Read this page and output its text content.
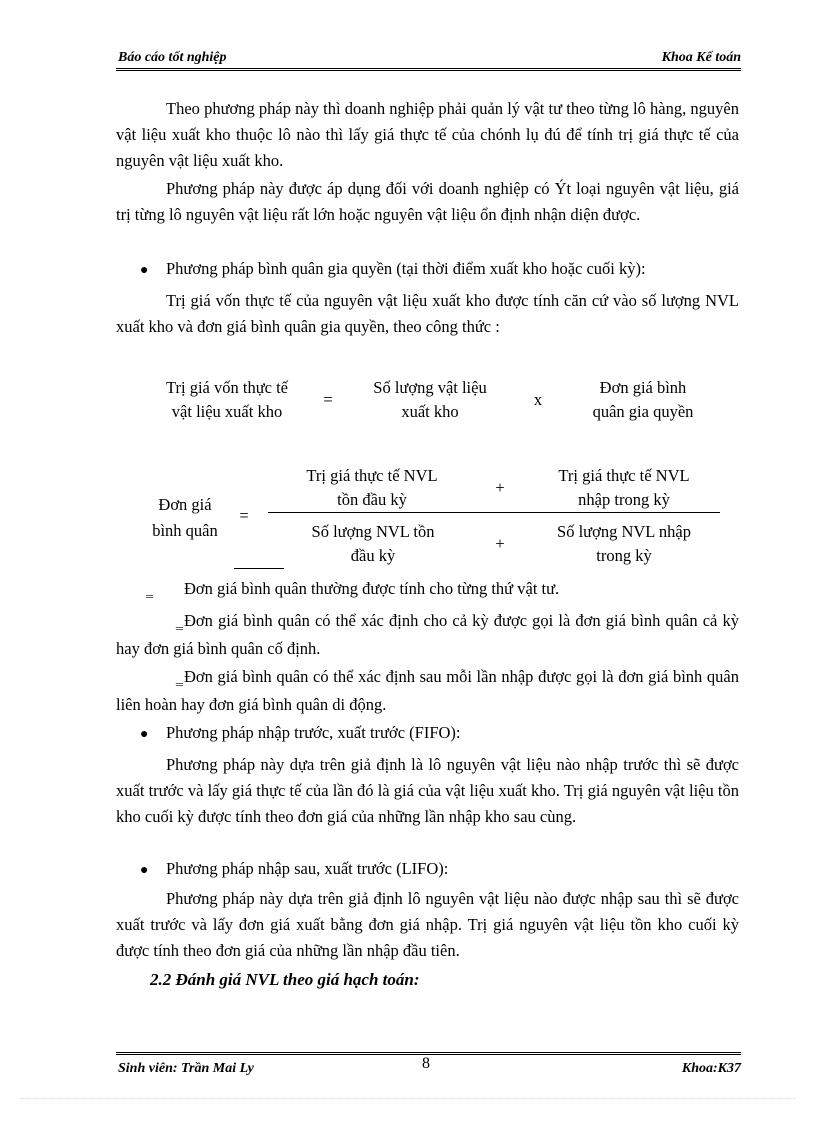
Báo cáo tốt nghiệp	Khoa Kế toán

Theo phương pháp này thì doanh nghiệp phải quản lý vật tư theo từng lô hàng, nguyên vật liệu xuất kho thuộc lô nào thì lấy giá thực tế của chónh lụ đú để tính trị giá thực tế của nguyên vật liệu xuất kho.

Phương pháp này được áp dụng đối với doanh nghiệp có Ýt loại nguyên vật liệu, giá trị từng lô nguyên vật liệu rất lớn hoặc nguyên vật liệu ổn định nhận diện được.

● Phương pháp bình quân gia quyền (tại thời điểm xuất kho hoặc cuối kỳ):

Trị giá vốn thực tế của nguyên vật liệu xuất kho được tính căn cứ vào số lượng NVL xuất kho và đơn giá bình quân gia quyền, theo công thức :

Trị giá vốn thực tế
vật liệu xuất kho
=
Số lượng vật liệu
xuất kho
x
Đơn giá bình
quân gia quyền
Đơn giá
bình quân
=
Trị giá thực tế NVL
tồn đầu kỳ
+
Trị giá thực tế NVL
nhập trong kỳ
Số lượng NVL tồn
đầu kỳ
+
Số lượng NVL nhập
trong kỳ
‗ Đơn giá bình quân thường được tính cho từng thứ vật tư.

‗Đơn giá bình quân có thể xác định cho cả kỳ được gọi là đơn giá bình quân cả kỳ hay đơn giá bình quân cố định.

‗Đơn giá bình quân có thể xác định sau mỗi lần nhập được gọi là đơn giá bình quân liên hoàn hay đơn giá bình quân di động.

● Phương pháp nhập trước, xuất trước (FIFO):

Phương pháp này dựa trên giả định là lô nguyên vật liệu nào nhập trước thì sẽ được xuất trước và lấy giá thực tế của lần đó là giá của vật liệu xuất kho. Trị giá nguyên vật liệu tồn kho cuối kỳ được tính theo đơn giá của những lần nhập kho sau cùng.

● Phương pháp nhập sau, xuất trước (LIFO):

Phương pháp này dựa trên giả định lô nguyên vật liệu nào được nhập sau thì sẽ được xuất trước và lấy đơn giá xuất bằng đơn giá nhập. Trị giá nguyên vật liệu tồn kho cuối kỳ được tính theo đơn giá của những lần nhập đầu tiên.

2.2 Đánh giá NVL theo giá hạch toán:
Sinh viên: Trần Mai Ly	8	Khoa:K37
